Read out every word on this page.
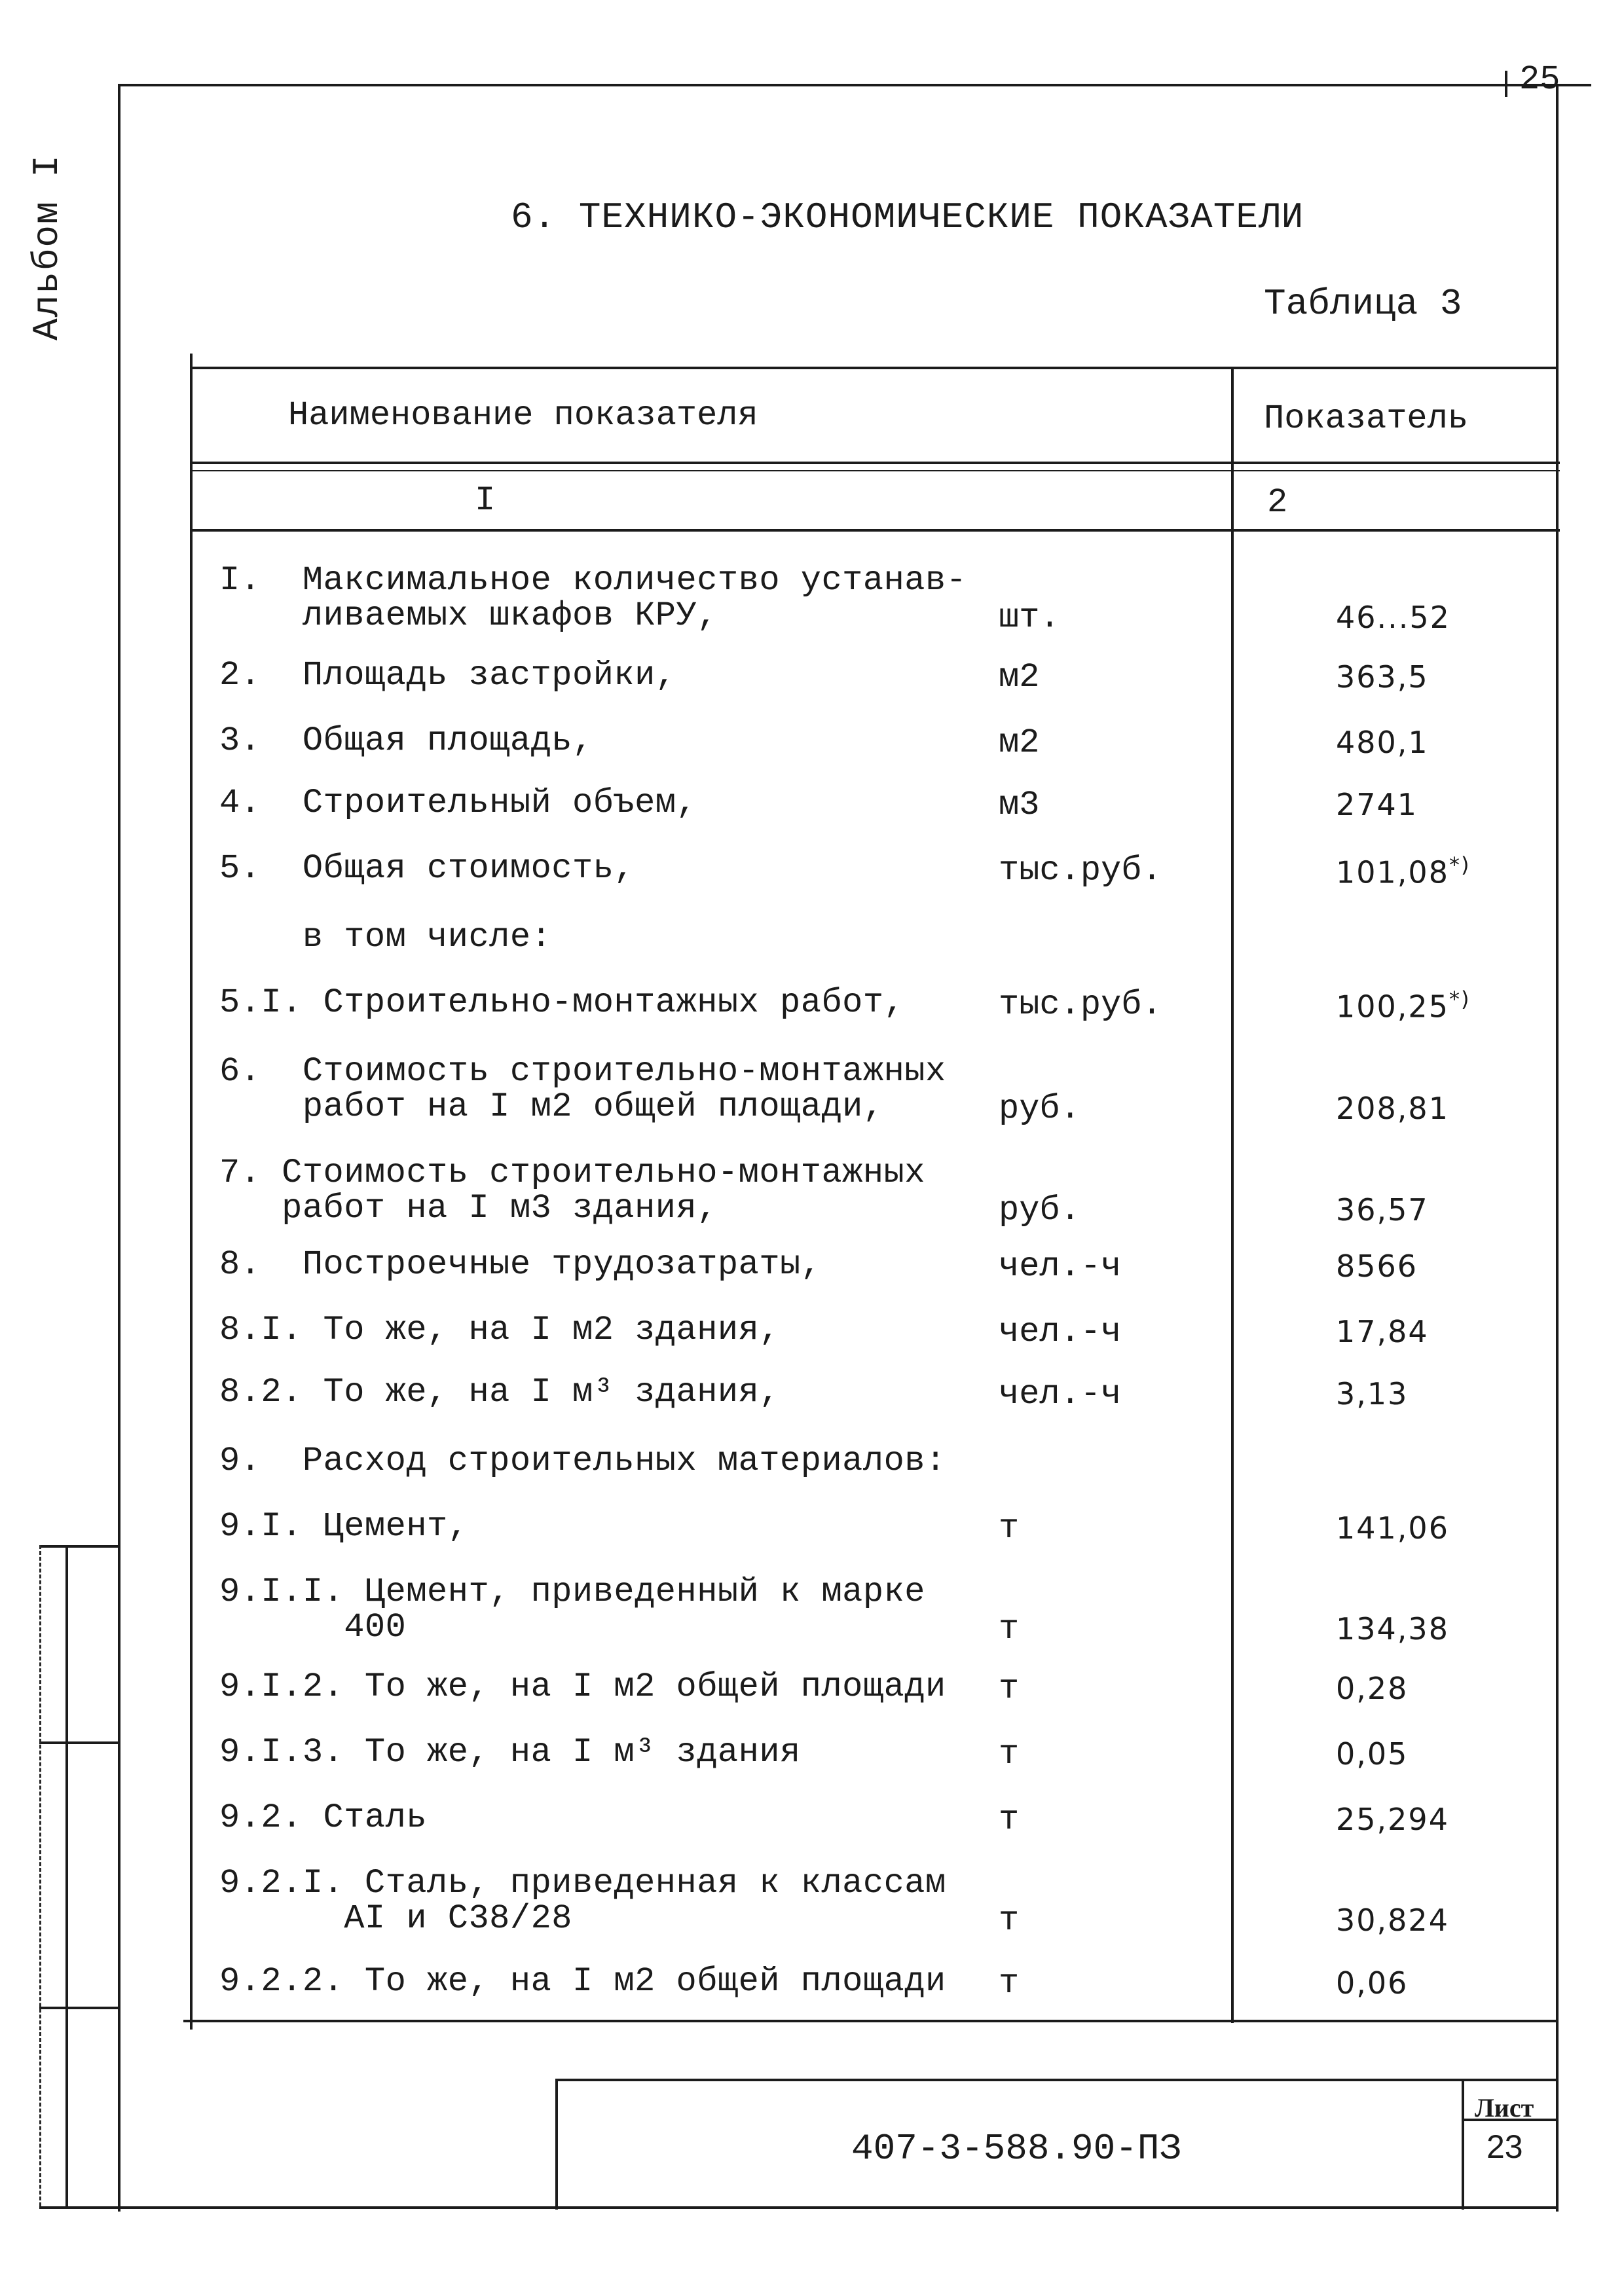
25
Альбом I	6. ТЕХНИКО-ЭКОНОМИЧЕСКИЕ ПОКАЗАТЕЛИ
Таблица 3
Наименование показателя	Показатель
I	2
I.  Максимальное количество устанав-
ливаемых шкафов КРУ,	шт.	46...52
2.  Площадь застройки,	м2	363,5
3.  Общая площадь,	м2	480,1
4.  Строительный объем,	м3	2741
5.  Общая стоимость,	тыс.руб.	101,08*)
в том числе:
5.I. Строительно-монтажных работ,	тыс.руб.	100,25*)
6.  Стоимость строительно-монтажных
работ на I м2 общей площади,	руб.	208,81
7. Стоимость строительно-монтажных
работ на I м3 здания,	руб.	36,57
8.  Построечные трудозатраты,	чел.-ч	8566
8.I. То же, на I м2 здания,	чел.-ч	17,84
8.2. То же, на I м³ здания,	чел.-ч	3,13
9.  Расход строительных материалов:
9.I. Цемент,	т	141,06
9.I.I. Цемент, приведенный к марке
400	т	134,38
9.I.2. То же, на I м2 общей площади	т	0,28
9.I.3. То же, на I м³ здания	т	0,05
9.2. Сталь	т	25,294
9.2.I. Сталь, приведенная к классам
АI и С38/28	т	30,824
9.2.2. То же, на I м2 общей площади	т	0,06
407-3-588.90-ПЗ
Лист
23
